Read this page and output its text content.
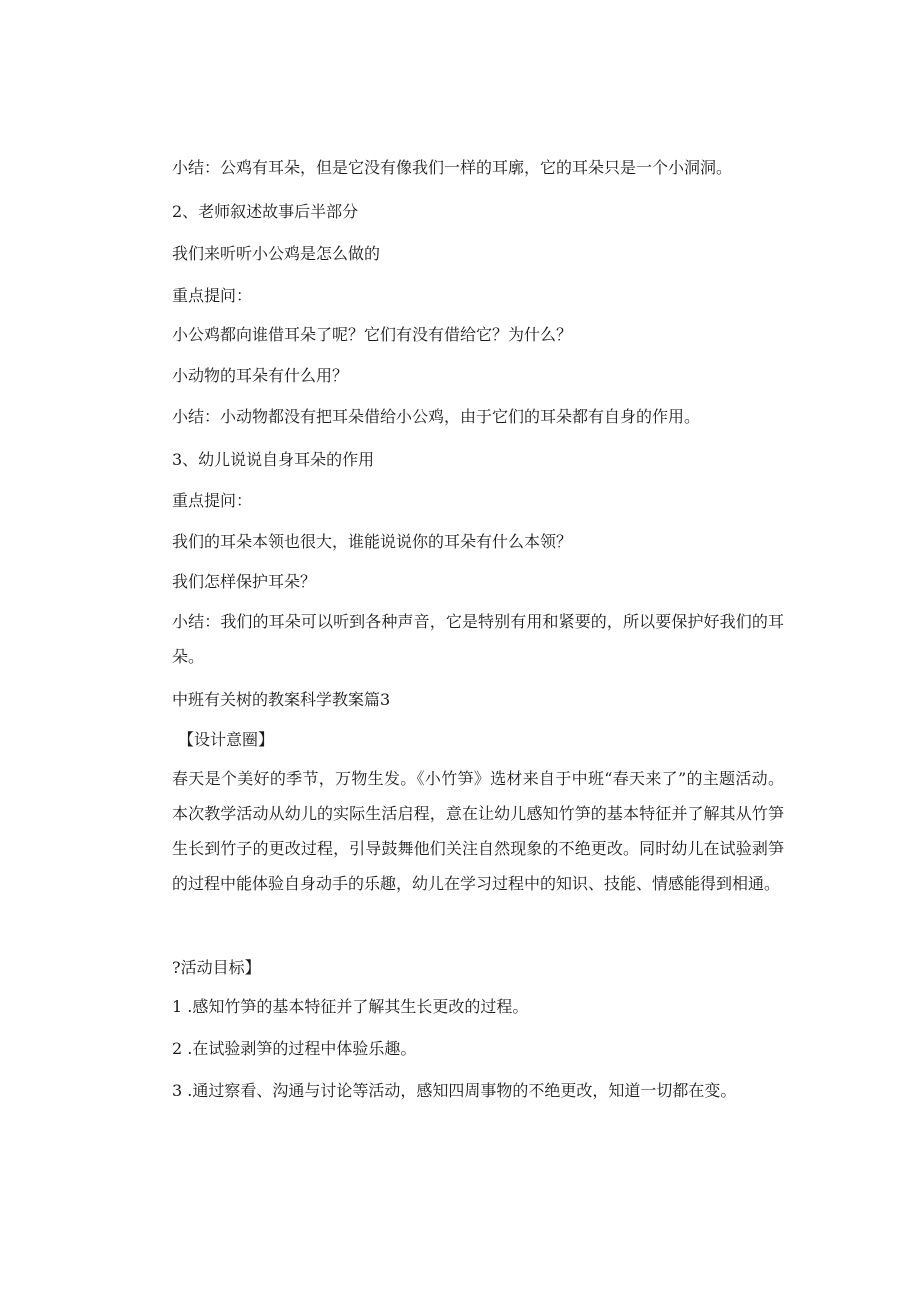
小结：公鸡有耳朵，但是它没有像我们一样的耳廓，它的耳朵只是一个小洞洞。

2、老师叙述故事后半部分

我们来听听小公鸡是怎么做的

重点提问：

小公鸡都向谁借耳朵了呢？它们有没有借给它？为什么？

小动物的耳朵有什么用？

小结：小动物都没有把耳朵借给小公鸡，由于它们的耳朵都有自身的作用。

3、幼儿说说自身耳朵的作用

重点提问：

我们的耳朵本领也很大，谁能说说你的耳朵有什么本领？

我们怎样保护耳朵？

小结：我们的耳朵可以听到各种声音，它是特别有用和紧要的，所以要保护好我们的耳朵。

中班有关树的教案科学教案篇3

【设计意圈】

春天是个美好的季节，万物生发。《小竹笋》选材来自于中班“春天来了”的主题活动。本次教学活动从幼儿的实际生活启程，意在让幼儿感知竹笋的基本特征并了解其从竹笋生长到竹子的更改过程，引导鼓舞他们关注自然现象的不绝更改。同时幼儿在试验剥笋的过程中能体验自身动手的乐趣，幼儿在学习过程中的知识、技能、情感能得到相通。

?活动目标】

1 .感知竹笋的基本特征并了解其生长更改的过程。

2 .在试验剥笋的过程中体验乐趣。

3 .通过察看、沟通与讨论等活动，感知四周事物的不绝更改，知道一切都在变。
